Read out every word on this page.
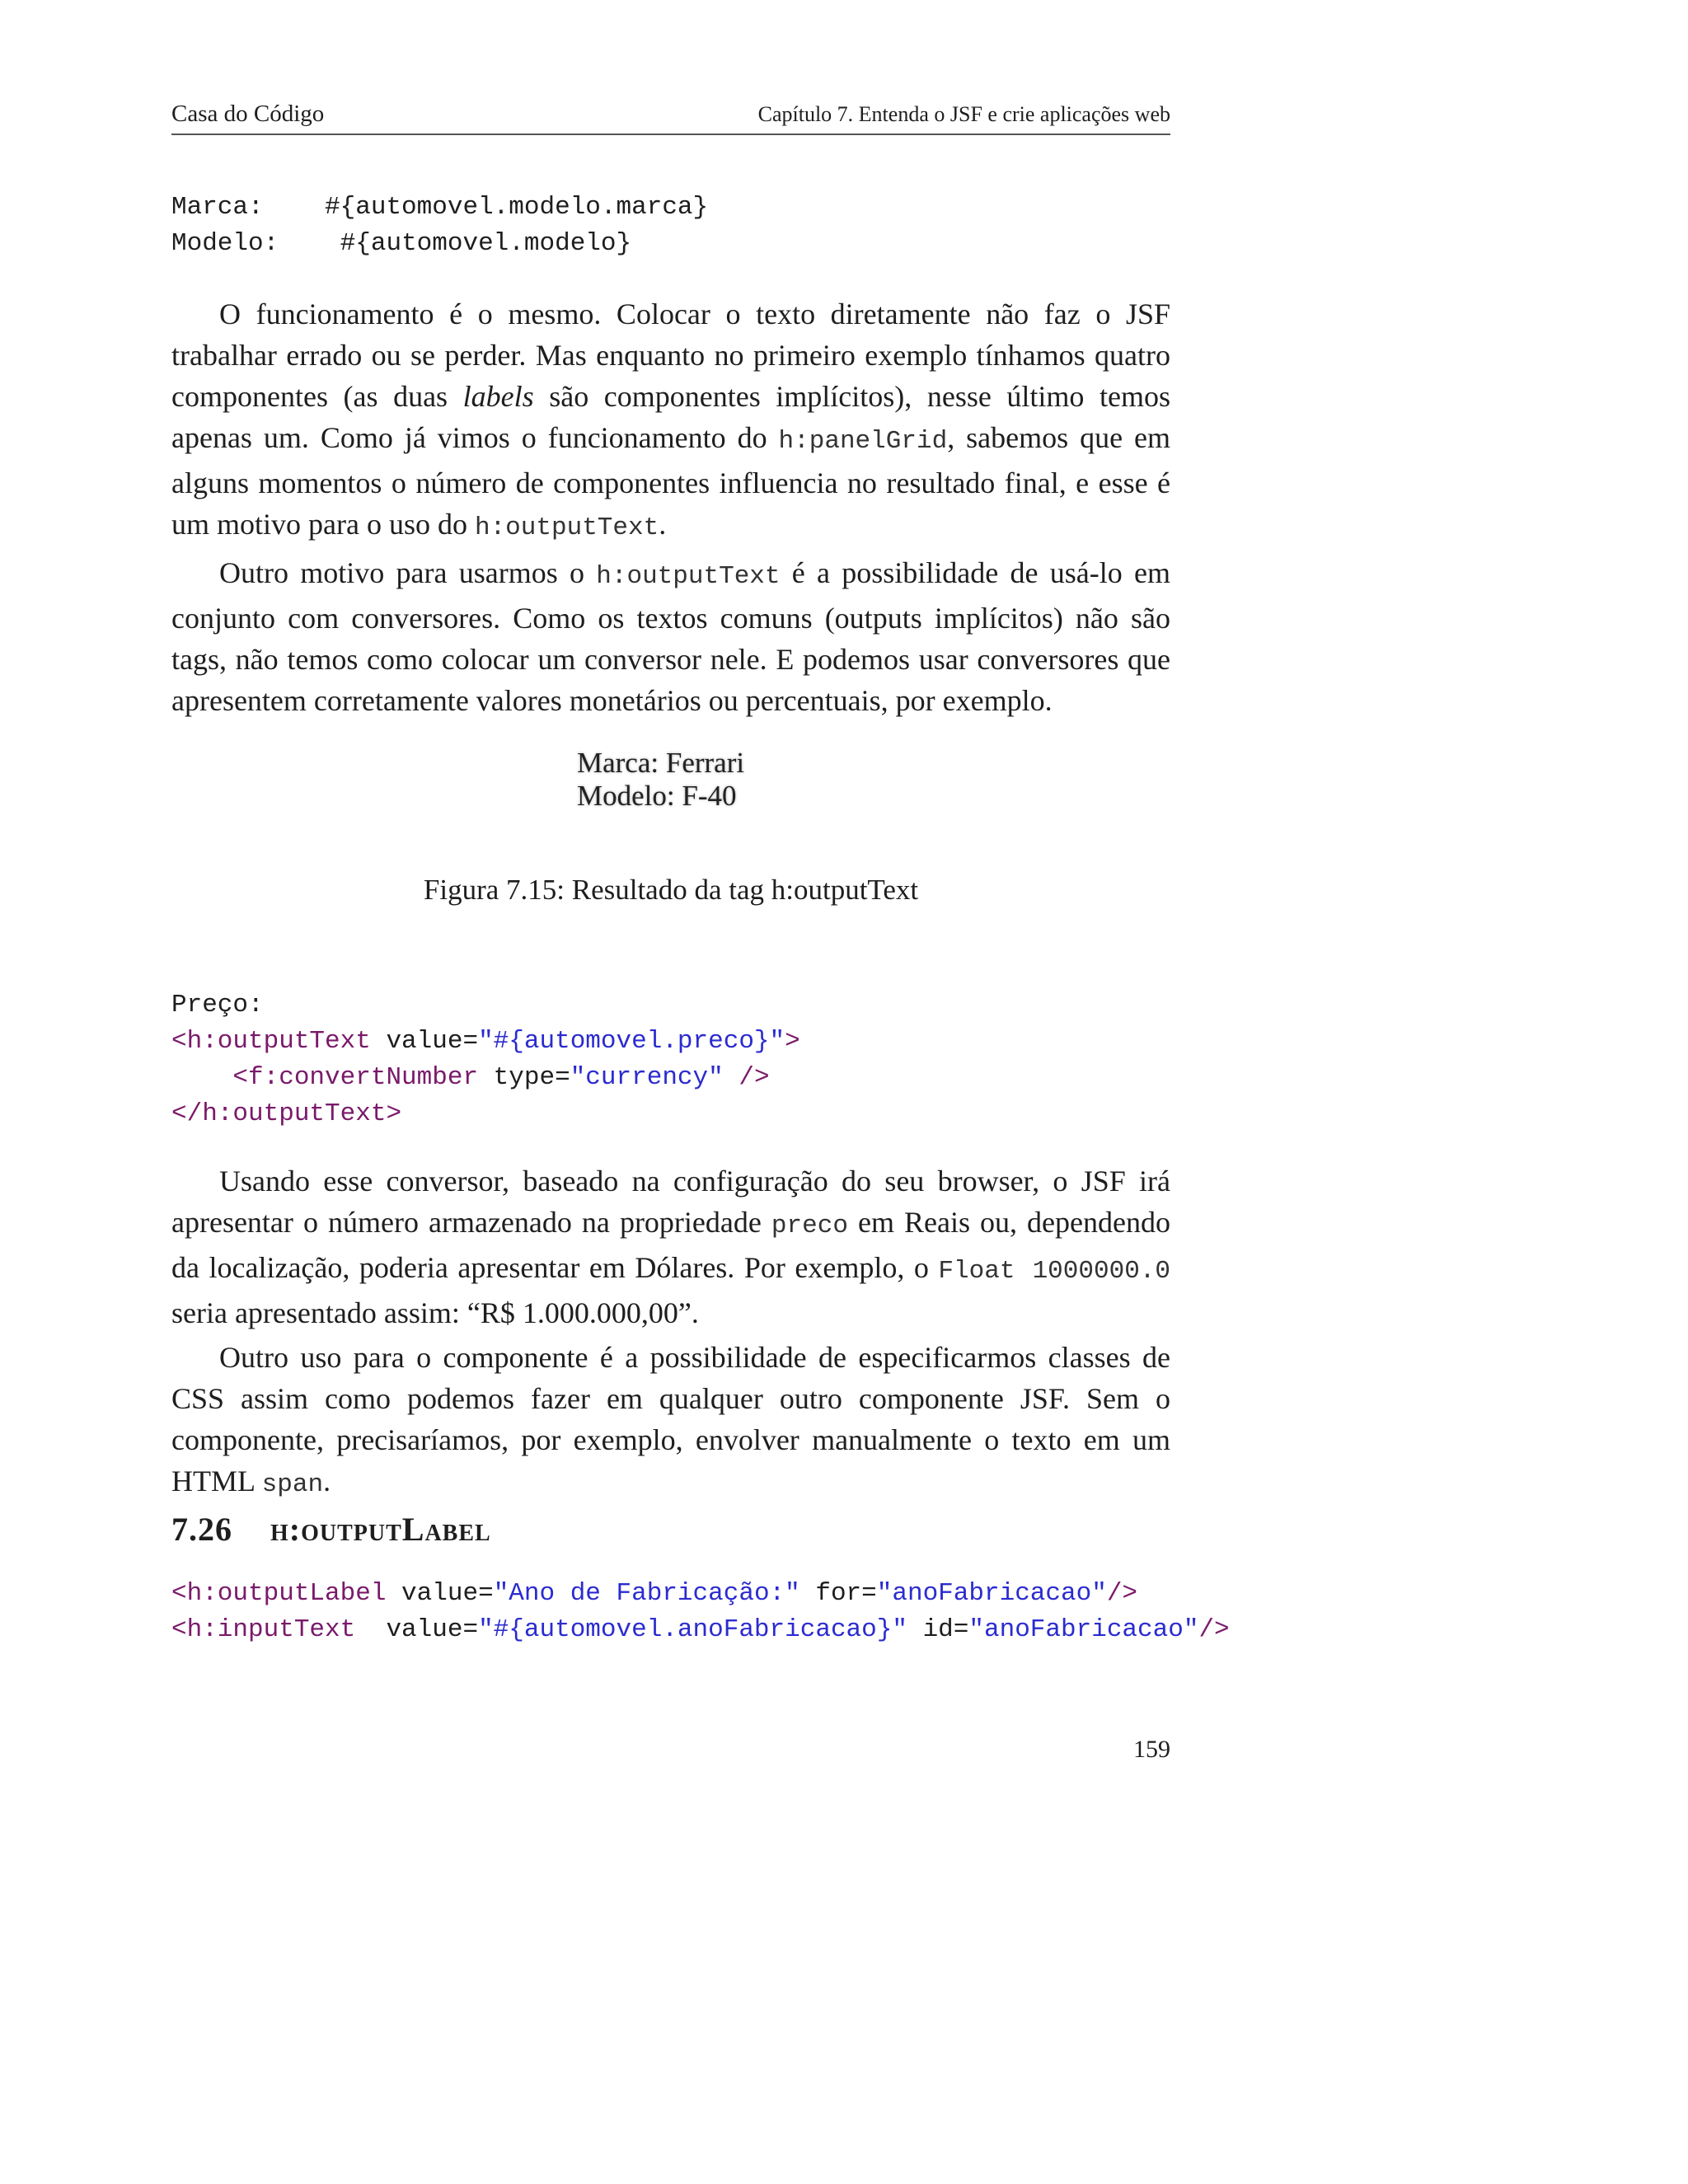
Casa do Código	Capítulo 7. Entenda o JSF e crie aplicações web
Marca: #{automovel.modelo.marca}
Modelo: #{automovel.modelo}

O funcionamento é o mesmo. Colocar o texto diretamente não faz o JSF trabalhar errado ou se perder. Mas enquanto no primeiro exemplo tínhamos quatro componentes (as duas labels são componentes implícitos), nesse último temos apenas um. Como já vimos o funcionamento do h:panelGrid, sabemos que em alguns momentos o número de componentes influencia no resultado final, e esse é um motivo para o uso do h:outputText.

Outro motivo para usarmos o h:outputText é a possibilidade de usá-lo em conjunto com conversores. Como os textos comuns (outputs implícitos) não são tags, não temos como colocar um conversor nele. E podemos usar conversores que apresentem corretamente valores monetários ou percentuais, por exemplo.

Marca: Ferrari
Modelo: F-40
Figura 7.15: Resultado da tag h:outputText
Preço:
<h:outputText value="#{automovel.preco}">
<f:convertNumber type="currency" />
</h:outputText>

Usando esse conversor, baseado na configuração do seu browser, o JSF irá apresentar o número armazenado na propriedade preco em Reais ou, dependendo da localização, poderia apresentar em Dólares. Por exemplo, o Float 1000000.0 seria apresentado assim: “R$ 1.000.000,00”.

Outro uso para o componente é a possibilidade de especificarmos classes de CSS assim como podemos fazer em qualquer outro componente JSF. Sem o componente, precisaríamos, por exemplo, envolver manualmente o texto em um HTML span.

7.26 h:outputLabel
<h:outputLabel value="Ano de Fabricação:" for="anoFabricacao"/>
<h:inputText  value="#{automovel.anoFabricacao}" id="anoFabricacao"/>
159
